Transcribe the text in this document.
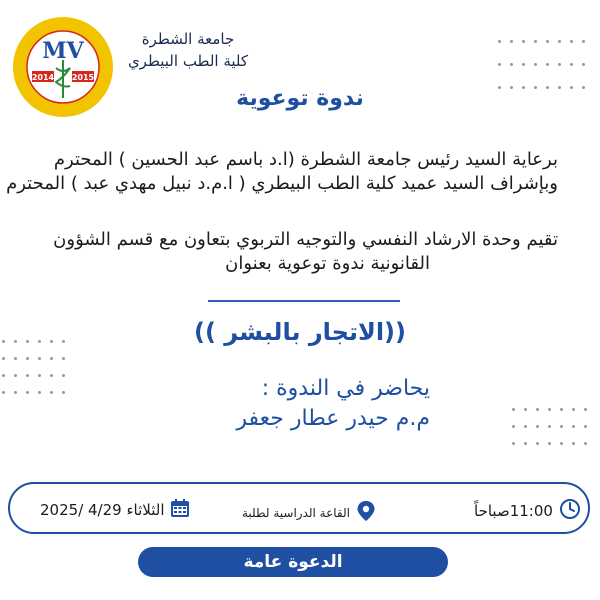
MV
2014 2015
جامعة الشطرة
كلية الطب البيطري
ندوة توعوية
برعاية السيد رئيس جامعة الشطرة (ا.د باسم عبد الحسين ) المحترم
وبإشراف السيد عميد كلية الطب البيطري ( ا.م.د نبيل مهدي عبد ) المحترم
تقيم وحدة الارشاد النفسي والتوجيه التربوي بتعاون مع قسم الشؤون
القانونية ندوة توعوية بعنوان
((الاتجار بالبشر ))
يحاضر في الندوة :
م.م حيدر عطار جعفر
الثلاثاء 4/29 /2025	القاعة الدراسية لطلبة	11:00صباحاً
الدعوة عامة
